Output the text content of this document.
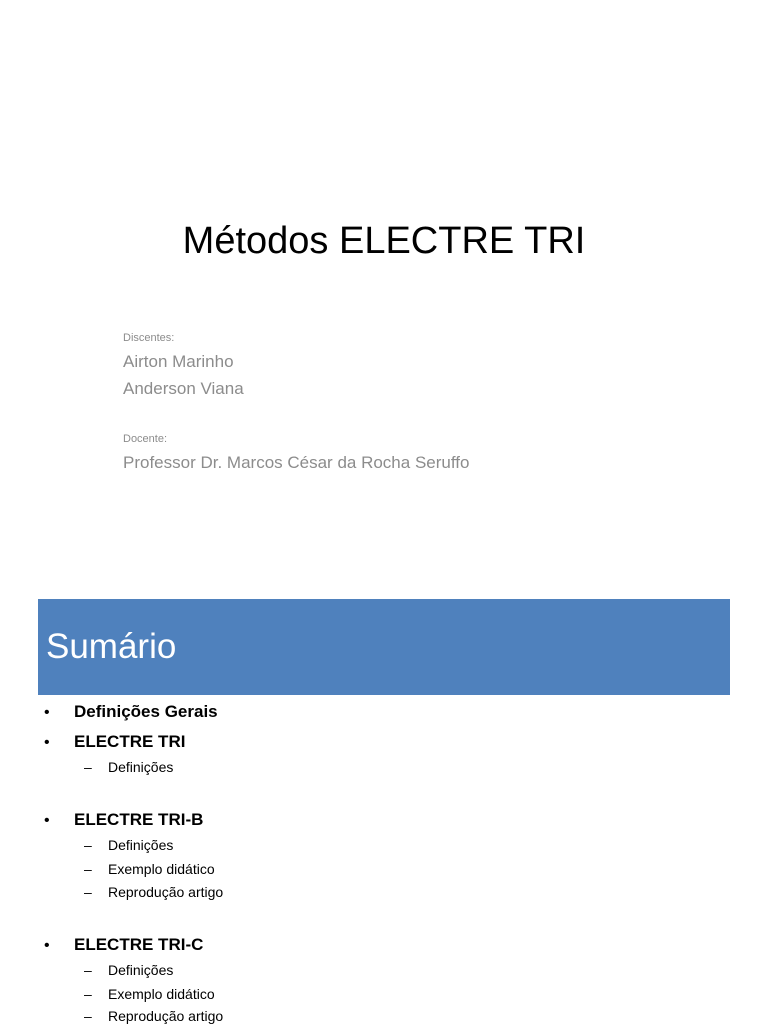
Métodos ELECTRE TRI
Discentes:
Airton Marinho
Anderson Viana
Docente:
Professor Dr. Marcos César da Rocha Seruffo
Sumário
• Definições Gerais
• ELECTRE TRI
– Definições
• ELECTRE TRI-B
– Definições
– Exemplo didático
– Reprodução artigo
• ELECTRE TRI-C
– Definições
– Exemplo didático
– Reprodução artigo
